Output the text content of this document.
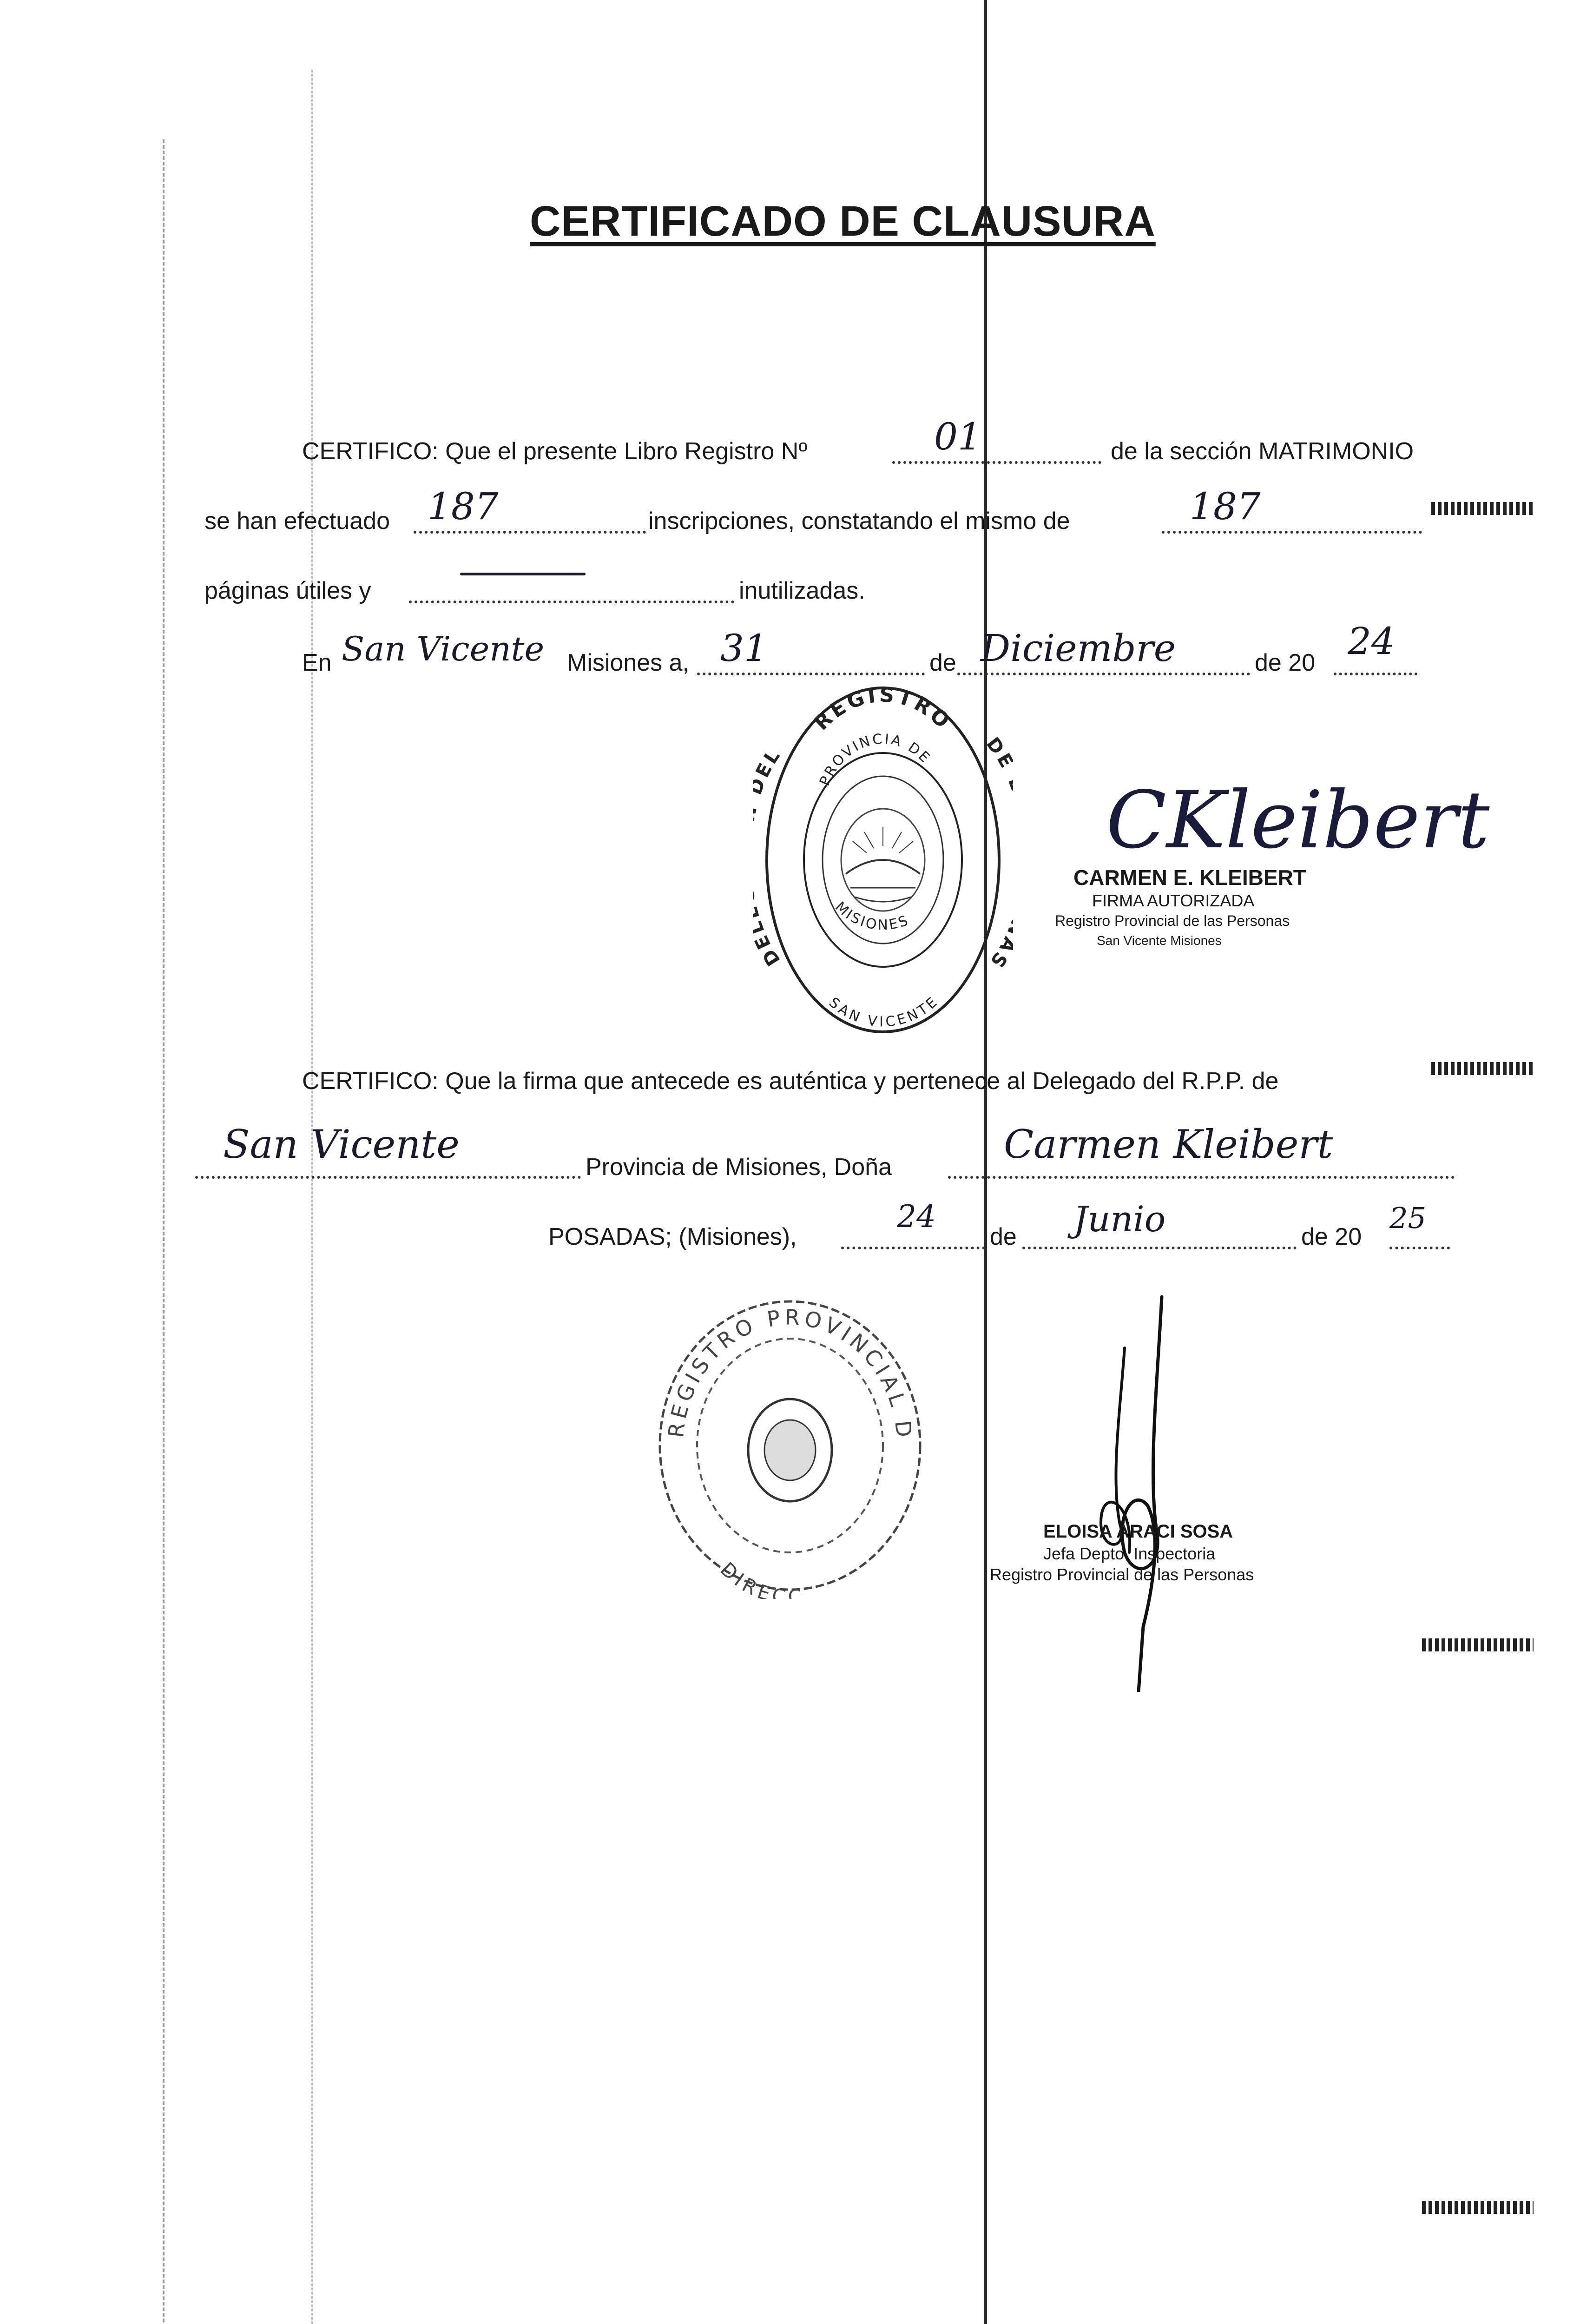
CERTIFICADO DE CLAUSURA
CERTIFICO: Que el presente Libro Registro Nº	01	de la sección MATRIMONIO
se han efectuado 187	inscripciones, constatando el mismo de	187
páginas útiles y	inutilizadas.
En San Vicente Misiones a, 31	de Diciembre	de 20 24
REGISTRO
D EL	D S
PROVINCIA DE
MISIONES
SAN VICENTE
CKleibert
CARMEN E. KLEIBERT
FIRMA AUTORIZADA
Registro Provincial de las Personas
San Vicente Misiones
CERTIFICO: Que la firma que antecede es auténtica y pertenece al Delegado del R.P.P. de
San Vicente	Provincia de Misiones, Doña	Carmen Kleibert
POSADAS; (Misiones),
24
de Junio	de 20
25
REGISTRO PROVINCIAL D
DIRECC.
ELOISA ARACI SOSA
Jefa Depto. Inspectoria
Registro Provincial de las Personas
